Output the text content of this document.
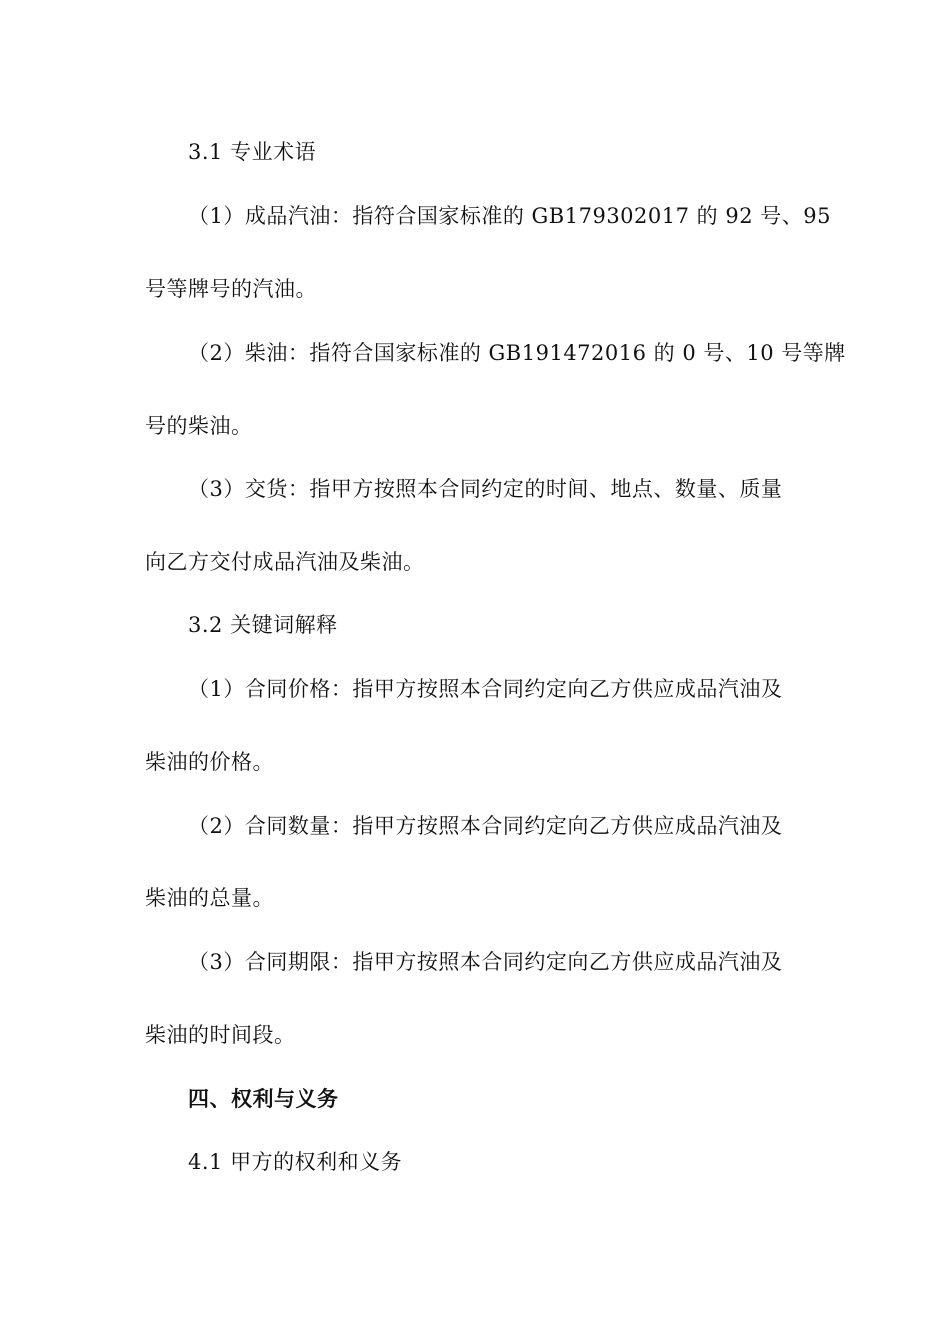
3.1 专业术语
（1）成品汽油：指符合国家标准的 GB179302017 的 92 号、95
号等牌号的汽油。
（2）柴油：指符合国家标准的 GB191472016 的 0 号、10 号等牌
号的柴油。
（3）交货：指甲方按照本合同约定的时间、地点、数量、质量
向乙方交付成品汽油及柴油。
3.2 关键词解释
（1）合同价格：指甲方按照本合同约定向乙方供应成品汽油及
柴油的价格。
（2）合同数量：指甲方按照本合同约定向乙方供应成品汽油及
柴油的总量。
（3）合同期限：指甲方按照本合同约定向乙方供应成品汽油及
柴油的时间段。
四、权利与义务
4.1 甲方的权利和义务
